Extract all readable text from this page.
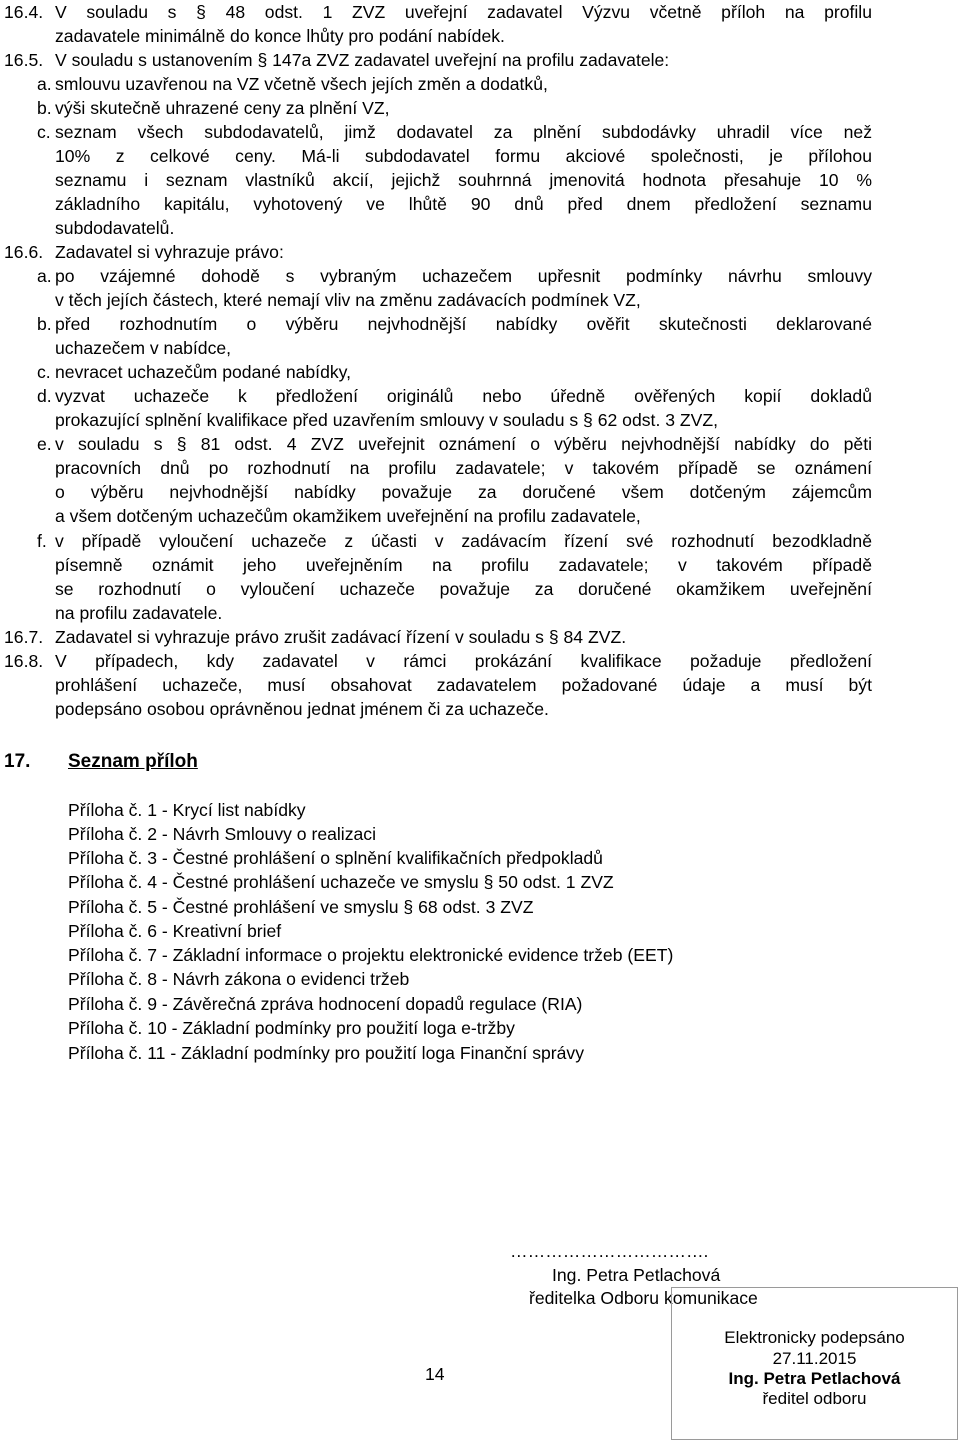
16.4. V souladu s § 48 odst. 1 ZVZ uveřejní zadavatel Výzvu včetně příloh na profilu
zadavatele minimálně do konce lhůty pro podání nabídek.
16.5. V souladu s ustanovením § 147a ZVZ zadavatel uveřejní na profilu zadavatele:
a. smlouvu uzavřenou na VZ včetně všech jejích změn a dodatků,
b. výši skutečně uhrazené ceny za plnění VZ,
c. seznam všech subdodavatelů, jimž dodavatel za plnění subdodávky uhradil více než
10% z celkové ceny. Má-li subdodavatel formu akciové společnosti, je přílohou
seznamu i seznam vlastníků akcií, jejichž souhrnná jmenovitá hodnota přesahuje 10 %
základního kapitálu, vyhotovený ve lhůtě 90 dnů před dnem předložení seznamu
subdodavatelů.
16.6. Zadavatel si vyhrazuje právo:
a. po vzájemné dohodě s vybraným uchazečem upřesnit podmínky návrhu smlouvy
v těch jejích částech, které nemají vliv na změnu zadávacích podmínek VZ,
b. před rozhodnutím o výběru nejvhodnější nabídky ověřit skutečnosti deklarované
uchazečem v nabídce,
c. nevracet uchazečům podané nabídky,
d. vyzvat uchazeče k předložení originálů nebo úředně ověřených kopií dokladů
prokazující splnění kvalifikace před uzavřením smlouvy v souladu s § 62 odst. 3 ZVZ,
e. v souladu s § 81 odst. 4 ZVZ uveřejnit oznámení o výběru nejvhodnější nabídky do pěti
pracovních dnů po rozhodnutí na profilu zadavatele; v takovém případě se oznámení
o výběru nejvhodnější nabídky považuje za doručené všem dotčeným zájemcům
a všem dotčeným uchazečům okamžikem uveřejnění na profilu zadavatele,
f. v případě vyloučení uchazeče z účasti v zadávacím řízení své rozhodnutí bezodkladně
písemně oznámit jeho uveřejněním na profilu zadavatele; v takovém případě
se rozhodnutí o vyloučení uchazeče považuje za doručené okamžikem uveřejnění
na profilu zadavatele.
16.7. Zadavatel si vyhrazuje právo zrušit zadávací řízení v souladu s § 84 ZVZ.
16.8. V případech, kdy zadavatel v rámci prokázání kvalifikace požaduje předložení
prohlášení uchazeče, musí obsahovat zadavatelem požadované údaje a musí být
podepsáno osobou oprávněnou jednat jménem či za uchazeče.
17. Seznam příloh
Příloha č. 1 - Krycí list nabídky
Příloha č. 2 - Návrh Smlouvy o realizaci
Příloha č. 3 - Čestné prohlášení o splnění kvalifikačních předpokladů
Příloha č. 4 - Čestné prohlášení uchazeče ve smyslu § 50 odst. 1 ZVZ
Příloha č. 5 - Čestné prohlášení ve smyslu § 68 odst. 3 ZVZ
Příloha č. 6 - Kreativní brief
Příloha č. 7 - Základní informace o projektu elektronické evidence tržeb (EET)
Příloha č. 8 - Návrh zákona o evidenci tržeb
Příloha č. 9 - Závěrečná zpráva hodnocení dopadů regulace (RIA)
Příloha č. 10 - Základní podmínky pro použití loga e-tržby
Příloha č. 11 - Základní podmínky pro použití loga Finanční správy
…………………………….
Ing. Petra Petlachová
ředitelka Odboru komunikace
14
Elektronicky podepsáno
27.11.2015
Ing. Petra Petlachová
ředitel odboru
